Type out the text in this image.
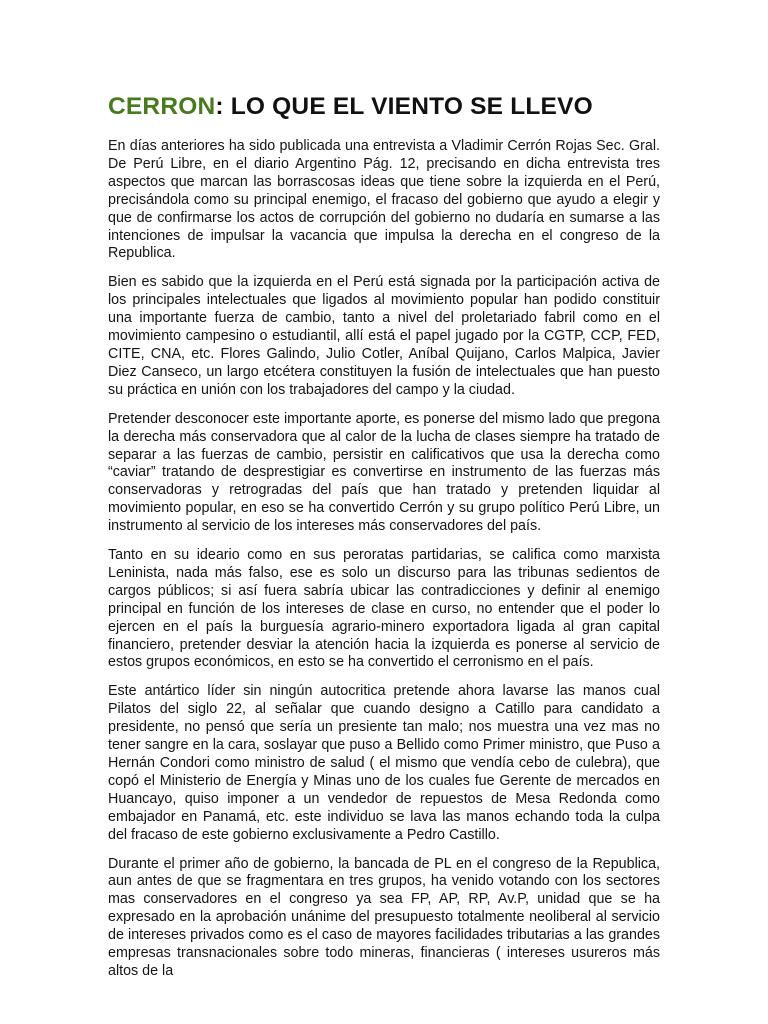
CERRON: LO QUE EL VIENTO SE LLEVO

En días anteriores ha sido publicada una entrevista a Vladimir Cerrón Rojas Sec. Gral. De Perú Libre, en el diario Argentino Pág. 12, precisando en dicha entrevista tres aspectos que marcan las borrascosas ideas que tiene sobre la izquierda en el Perú, precisándola como su principal enemigo, el fracaso del gobierno que ayudo a elegir y que de confirmarse los actos de corrupción del gobierno no dudaría en sumarse a las intenciones de impulsar la vacancia que impulsa la derecha en el congreso de la Republica.

Bien es sabido que la izquierda en el Perú está signada por la participación activa de los principales intelectuales que ligados al movimiento popular han podido constituir una importante fuerza de cambio, tanto a nivel del proletariado fabril como en el movimiento campesino o estudiantil, allí está el papel jugado por la CGTP, CCP, FED, CITE, CNA, etc. Flores Galindo, Julio Cotler, Aníbal Quijano, Carlos Malpica, Javier Diez Canseco, un largo etcétera constituyen la fusión de intelectuales que han puesto su práctica en unión con los trabajadores del campo y la ciudad.

Pretender desconocer este importante aporte, es ponerse del mismo lado que pregona la derecha más conservadora que al calor de la lucha de clases siempre ha tratado de separar a las fuerzas de cambio, persistir en calificativos que usa la derecha como “caviar” tratando de desprestigiar es convertirse en instrumento de las fuerzas más conservadoras y retrogradas del país que han tratado y pretenden liquidar al movimiento popular, en eso se ha convertido Cerrón y su grupo político Perú Libre, un instrumento al servicio de los intereses más conservadores del país.

Tanto en su ideario como en sus peroratas partidarias, se califica como marxista Leninista, nada más falso, ese es solo un discurso para las tribunas sedientos de cargos públicos; si así fuera sabría ubicar las contradicciones y definir al enemigo principal en función de los intereses de clase en curso, no entender que el poder lo ejercen en el país la burguesía agrario-minero exportadora ligada al gran capital financiero, pretender desviar la atención hacia la izquierda es ponerse al servicio de estos grupos económicos, en esto se ha convertido el cerronismo en el país.

Este antártico líder sin ningún autocritica pretende ahora lavarse las manos cual Pilatos del siglo 22, al señalar que cuando designo a Catillo para candidato a presidente, no pensó que sería un presiente tan malo; nos muestra una vez mas no tener sangre en la cara, soslayar que puso a Bellido como Primer ministro, que Puso a Hernán Condori como ministro de salud ( el mismo que vendía cebo de culebra), que copó el Ministerio de Energía y Minas uno de los cuales fue Gerente de mercados en Huancayo, quiso imponer a un vendedor de repuestos de Mesa Redonda como embajador en Panamá, etc. este individuo se lava las manos echando toda la culpa del fracaso de este gobierno exclusivamente a Pedro Castillo.

Durante el primer año de gobierno, la bancada de PL en el congreso de la Republica, aun antes de que se fragmentara en tres grupos, ha venido votando con los sectores mas conservadores en el congreso ya sea FP, AP, RP, Av.P, unidad que se ha expresado en la aprobación unánime del presupuesto totalmente neoliberal al servicio de intereses privados como es el caso de mayores facilidades tributarias a las grandes empresas transnacionales sobre todo mineras, financieras ( intereses usureros más altos de la
